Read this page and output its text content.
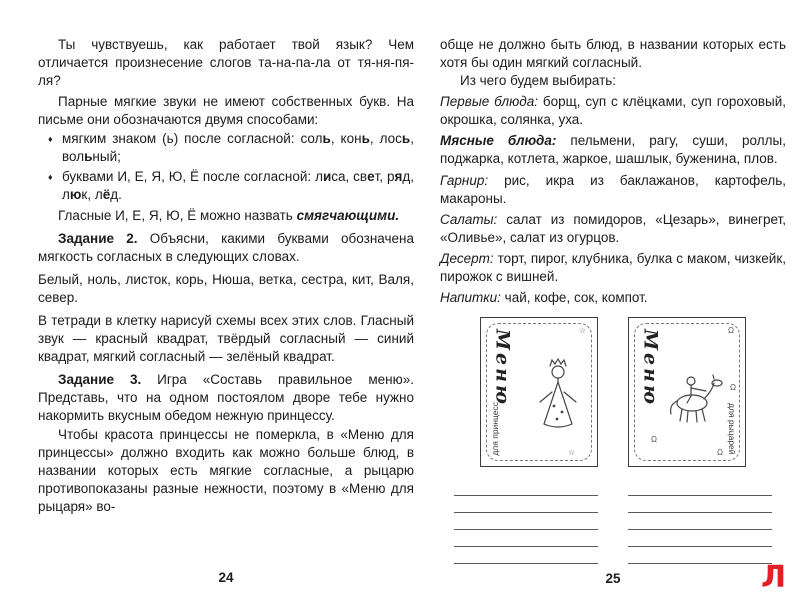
Ты чувствуешь, как работает твой язык? Чем отличается произнесение слогов та-на-па-ла от тя-ня-пя-ля?

Парные мягкие звуки не имеют собственных букв. На письме они обозначаются двумя способами:

♦ мягким знаком (ь) после согласной: соль, конь, лось, вольный;
♦ буквами И, Е, Я, Ю, Ё после согласной: лиса, свет, ряд, люк, лёд.

Гласные И, Е, Я, Ю, Ё можно назвать смягчающими.

Задание 2. Объясни, какими буквами обозначена мягкость согласных в следующих словах.

Белый, ноль, листок, корь, Нюша, ветка, сестра, кит, Валя, север.

В тетради в клетку нарисуй схемы всех этих слов. Гласный звук — красный квадрат, твёрдый согласный — синий квадрат, мягкий согласный — зелёный квадрат.

Задание 3. Игра «Составь правильное меню». Представь, что на одном постоялом дворе тебе нужно накормить вкусным обедом нежную принцессу.

Чтобы красота принцессы не померкла, в «Меню для принцессы» должно входить как можно больше блюд, в названии которых есть мягкие согласные, а рыцарю противопоказаны разные нежности, поэтому в «Меню для рыцаря» во-

24

обще не должно быть блюд, в названии которых есть хотя бы один мягкий согласный.

Из чего будем выбирать:

Первые блюда: борщ, суп с клёцками, суп гороховый, окрошка, солянка, уха.

Мясные блюда: пельмени, рагу, суши, роллы, поджарка, котлета, жаркое, шашлык, буженина, плов.

Гарнир: рис, икра из баклажанов, картофель, макароны.

Салаты: салат из помидоров, «Цезарь», винегрет, «Оливье», салат из огурцов.

Десерт: торт, пирог, клубника, булка с маком, чизкейк, пирожок с вишней.

Напитки: чай, кофе, сок, компот.

Меню	☆
☆
для принцесс
Меню	Ω
Ω
Ω
Ω для рыцарей
25	Л
